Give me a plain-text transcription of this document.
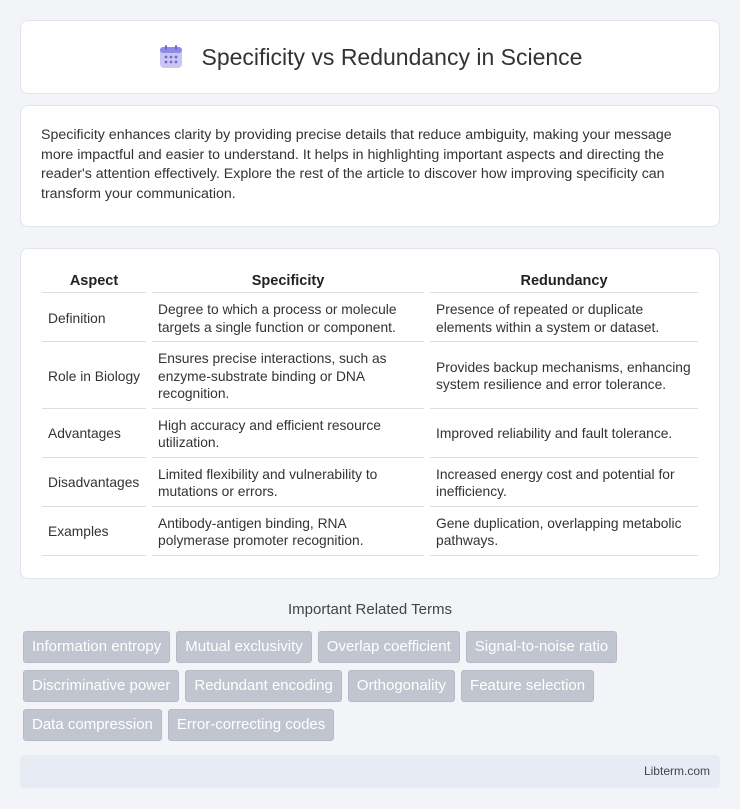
Specificity vs Redundancy in Science

Specificity enhances clarity by providing precise details that reduce ambiguity, making your message more impactful and easier to understand. It helps in highlighting important aspects and directing the reader's attention effectively. Explore the rest of the article to discover how improving specificity can transform your communication.

Aspect	Specificity	Redundancy
Definition	Degree to which a process or molecule targets a single function or component.	Presence of repeated or duplicate elements within a system or dataset.
Role in Biology	Ensures precise interactions, such as enzyme-substrate binding or DNA recognition.	Provides backup mechanisms, enhancing system resilience and error tolerance.
Advantages	High accuracy and efficient resource utilization.	Improved reliability and fault tolerance.
Disadvantages	Limited flexibility and vulnerability to mutations or errors.	Increased energy cost and potential for inefficiency.
Examples	Antibody-antigen binding, RNA polymerase promoter recognition.	Gene duplication, overlapping metabolic pathways.
Important Related Terms
Information entropy	Mutual exclusivity	Overlap coefficient	Signal-to-noise ratio
Discriminative power	Redundant encoding	Orthogonality	Feature selection
Data compression	Error-correcting codes
Libterm.com
